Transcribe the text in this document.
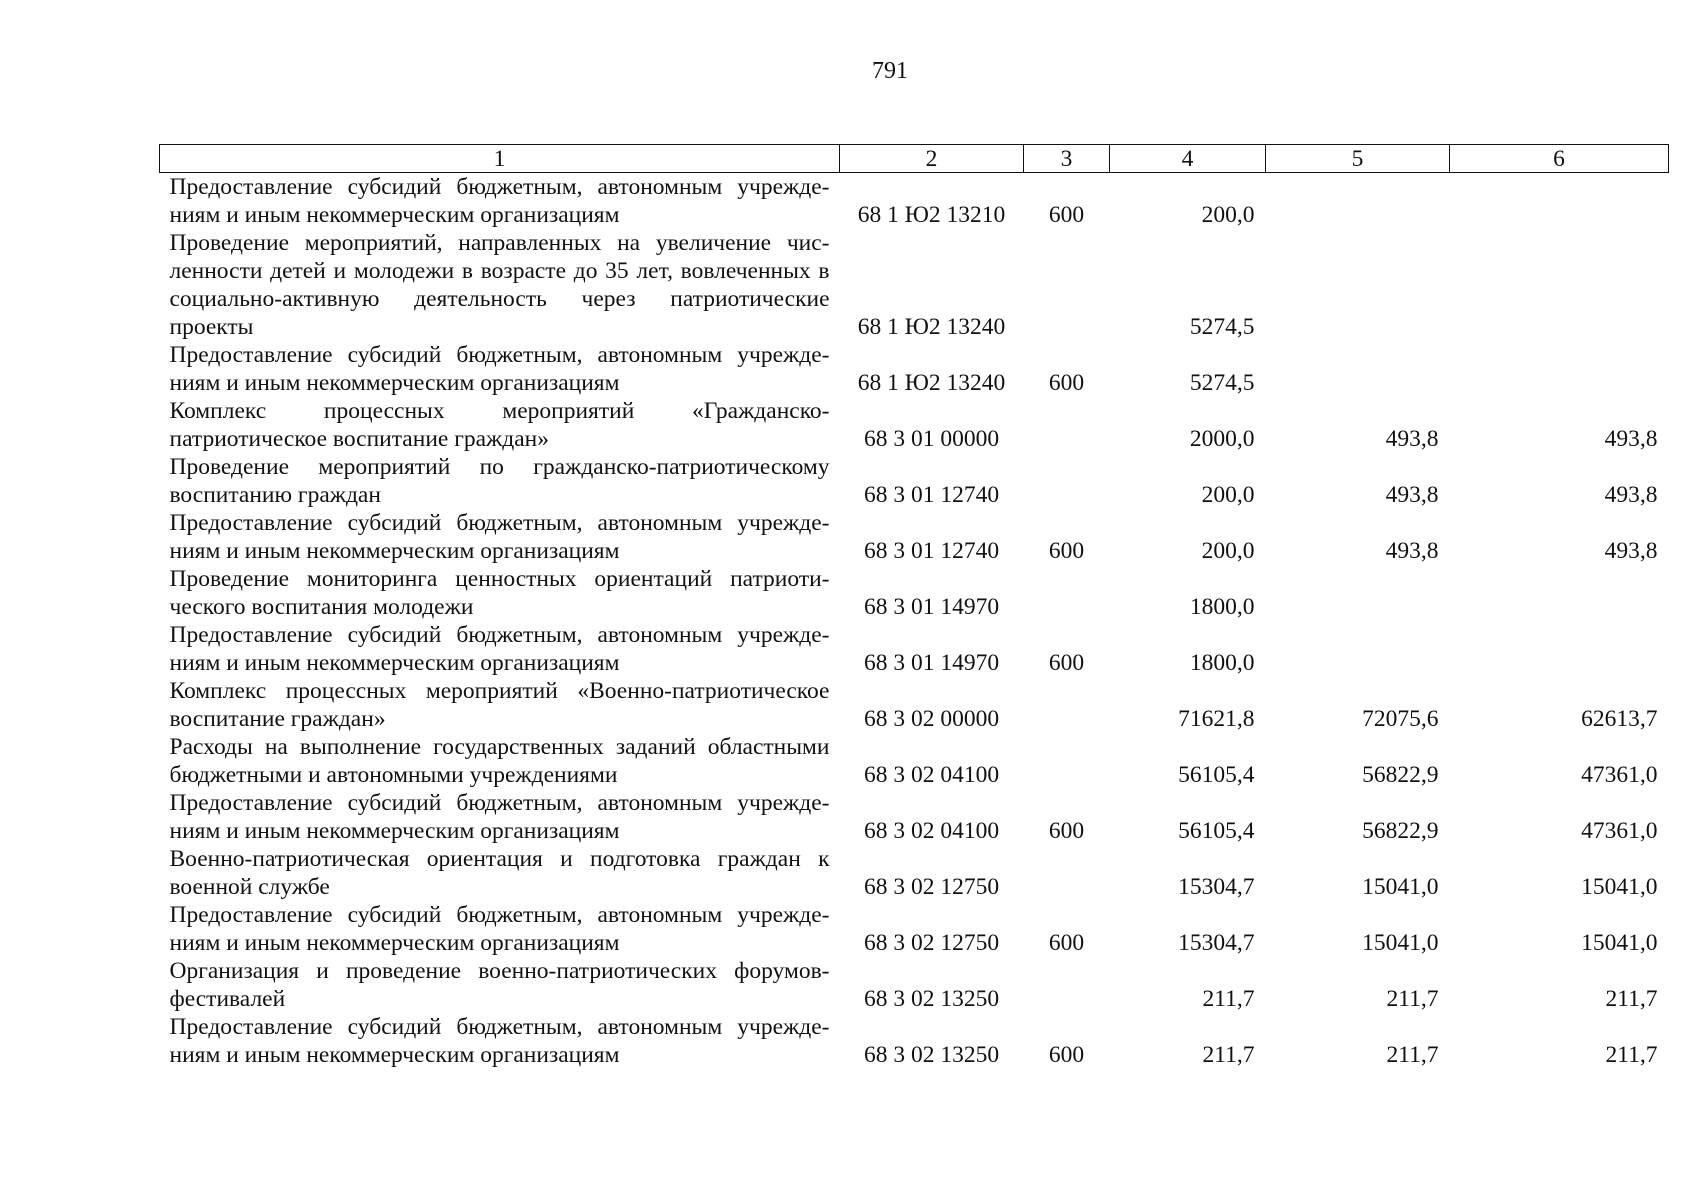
791
1	2	3	4	5	6
Предоставление субсидий бюджетным, автономным учрежде-ниям и иным некоммерческим организациям	68 1 Ю2 13210	600	200,0		
Проведение мероприятий, направленных на увеличение чис-ленности детей и молодежи в возрасте до 35 лет, вовлеченных в социально-активную деятельность через патриотические проекты	68 1 Ю2 13240		5274,5		
Предоставление субсидий бюджетным, автономным учрежде-ниям и иным некоммерческим организациям	68 1 Ю2 13240	600	5274,5		
Комплекс процессных мероприятий «Гражданско-патриотическое воспитание граждан»	68 3 01 00000		2000,0	493,8	493,8
Проведение мероприятий по гражданско-патриотическому воспитанию граждан	68 3 01 12740		200,0	493,8	493,8
Предоставление субсидий бюджетным, автономным учрежде-ниям и иным некоммерческим организациям	68 3 01 12740	600	200,0	493,8	493,8
Проведение мониторинга ценностных ориентаций патриоти-ческого воспитания молодежи	68 3 01 14970		1800,0		
Предоставление субсидий бюджетным, автономным учрежде-ниям и иным некоммерческим организациям	68 3 01 14970	600	1800,0		
Комплекс процессных мероприятий «Военно-патриотическое воспитание граждан»	68 3 02 00000		71621,8	72075,6	62613,7
Расходы на выполнение государственных заданий областными бюджетными и автономными учреждениями	68 3 02 04100		56105,4	56822,9	47361,0
Предоставление субсидий бюджетным, автономным учрежде-ниям и иным некоммерческим организациям	68 3 02 04100	600	56105,4	56822,9	47361,0
Военно-патриотическая ориентация и подготовка граждан к военной службе	68 3 02 12750		15304,7	15041,0	15041,0
Предоставление субсидий бюджетным, автономным учрежде-ниям и иным некоммерческим организациям	68 3 02 12750	600	15304,7	15041,0	15041,0
Организация и проведение военно-патриотических форумов-фестивалей	68 3 02 13250		211,7	211,7	211,7
Предоставление субсидий бюджетным, автономным учрежде-ниям и иным некоммерческим организациям	68 3 02 13250	600	211,7	211,7	211,7
